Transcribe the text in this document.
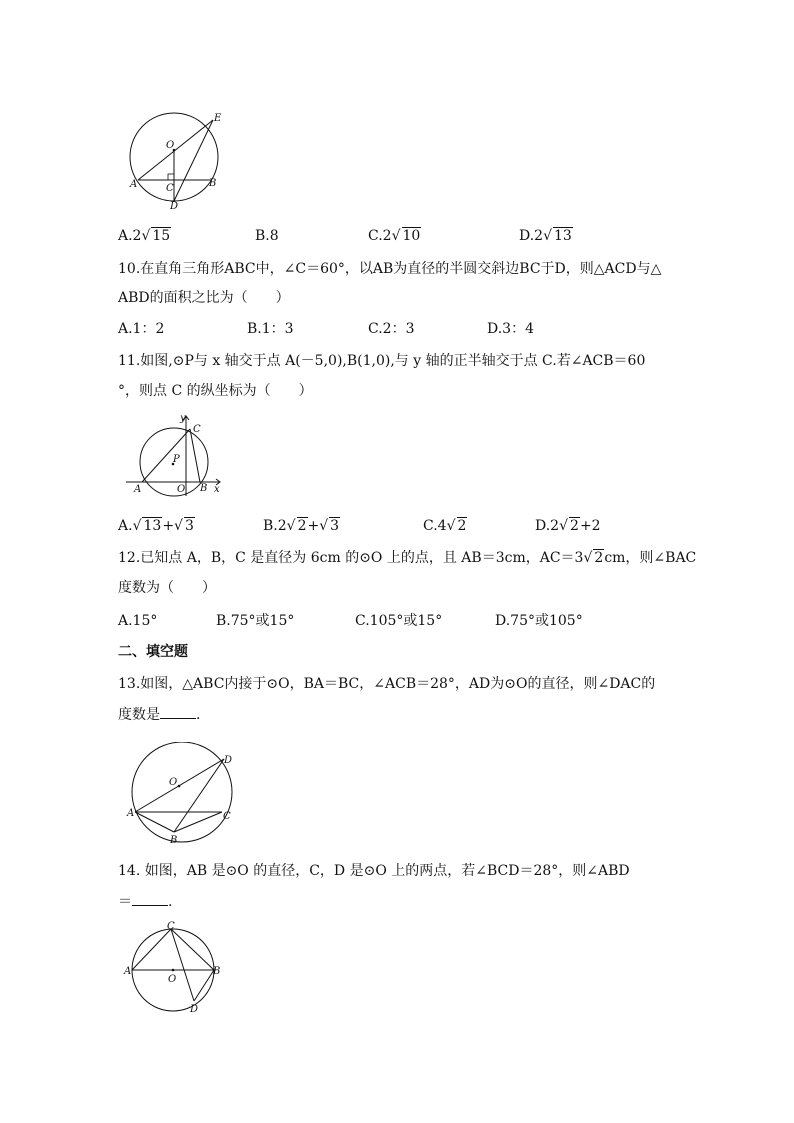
O
E
A	C	B
D
A.2√ 15	B.8	C.2√ 10	D.2√ 13
10.在直角三角形ABC中，∠C＝60°，以AB为直径的半圆交斜边BC于D，则△ACD与△
ABD的面积之比为（　　）
A.1：2	B.1：3	C.2：3	D.3：4
11.如图,⊙P与 x 轴交于点 A(－5,0),B(1,0),与 y 轴的正半轴交于点 C.若∠ACB＝60
°，则点 C 的纵坐标为（　　）
y
C
P
A	O B x
A.√ 13+√ 3	B.2√ 2+√ 3	C.4√ 2	D.2√ 2+2
12.已知点 A，B，C 是直径为 6cm 的⊙O 上的点，且 AB＝3cm，AC＝3√ 2cm，则∠BAC
度数为（　　）
A.15°	B.75°或15°	C.105°或15°	D.75°或105°
二、填空题
13.如图，△ABC内接于⊙O，BA＝BC，∠ACB＝28°，AD为⊙O的直径，则∠DAC的
度数是	.
O
D
A	C
B
14. 如图，AB 是⊙O 的直径，C，D 是⊙O 上的两点，若∠BCD＝28°，则∠ABD
＝	.
C
A	B
O
D
